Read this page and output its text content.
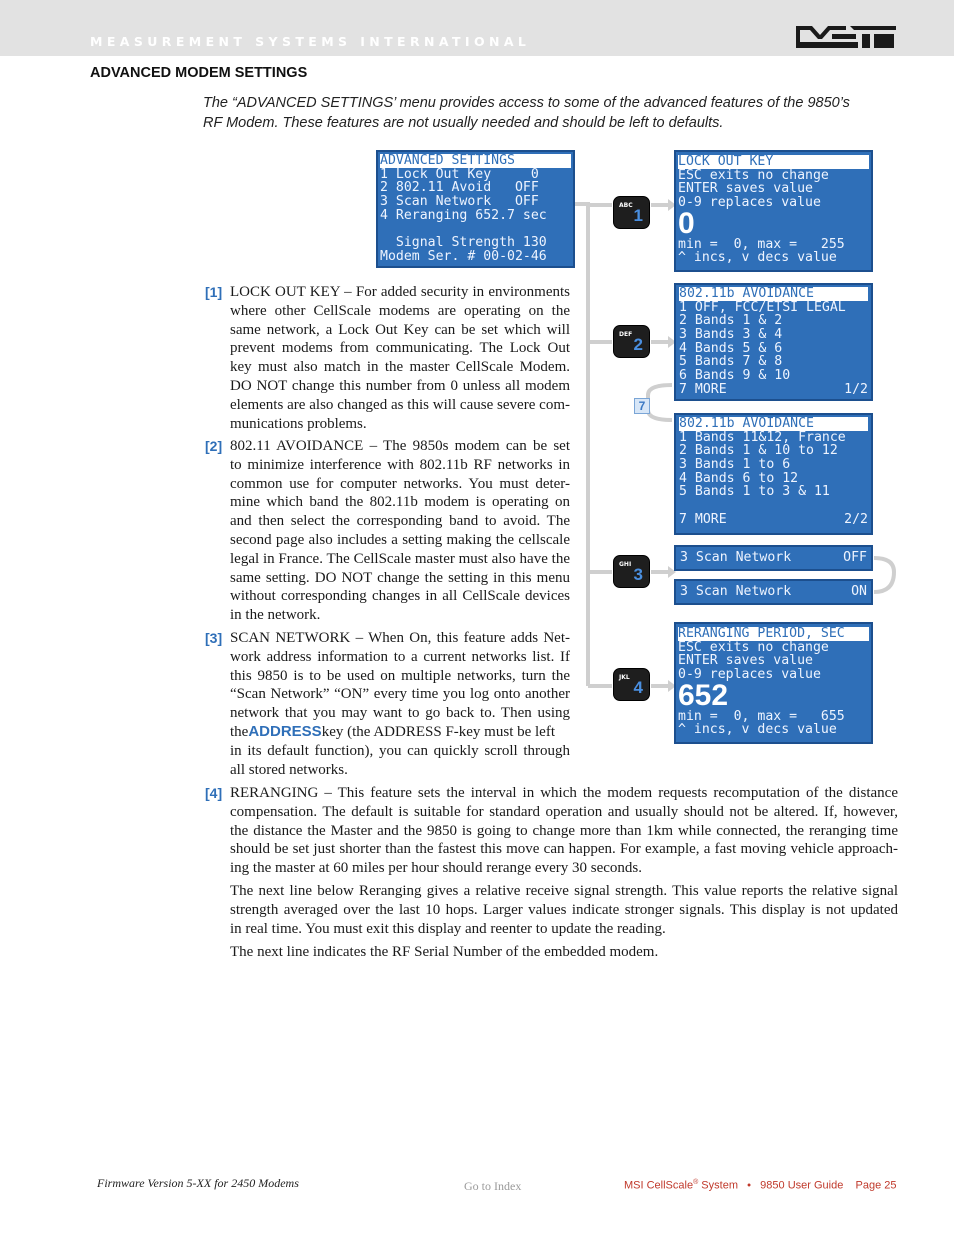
MEASUREMENT SYSTEMS INTERNATIONAL
ADVANCED MODEM SETTINGS
The “ADVANCED SETTINGS’ menu provides access to some of the advanced features of the 9850’s
RF Modem. These features are not usually needed and should be left to defaults.
ADVANCED SETTINGS
1 Lock Out Key     0
2 802.11 Avoid   OFF
3 Scan Network   OFF
4 Reranging 652.7 sec
Signal Strength 130
Modem Ser. # 00-02-46
LOCK OUT KEY
ESC exits no change
ENTER saves value
0-9 replaces value
0
min =  0, max =   255
^ incs, v decs value
802.11b AVOIDANCE
1 OFF, FCC/ETSI LEGAL
2 Bands 1 & 2
3 Bands 3 & 4
4 Bands 5 & 6
5 Bands 7 & 8
6 Bands 9 & 10
7 MORE	1/2
7
802.11b AVOIDANCE
1 Bands 11&12, France
2 Bands 1 & 10 to 12
3 Bands 1 to 6
4 Bands 6 to 12
5 Bands 1 to 3 & 11
7 MORE	2/2
3 Scan Network	OFF
3 Scan Network	ON
RERANGING PERIOD, SEC
ESC exits no change
ENTER saves value
0-9 replaces value
652
min =  0, max =   655
^ incs, v decs value
ABC
1
DEF
2
GHI
3
JKL
4
[1] LOCK OUT KEY – For added security in environments
where other CellScale modems are operating on the
same network, a Lock Out Key can be set which will
prevent modems from communicating. The Lock Out
key must also match in the master CellScale Modem.
DO NOT change this number from 0 unless all modem
elements are also changed as this will cause severe com-
munications problems.
[2] 802.11 AVOIDANCE – The 9850s modem can be set
to minimize interference with 802.11b RF networks in
common use for computer networks. You must deter-
mine which band the 802.11b modem is operating on
and then select the corresponding band to avoid. The
second page also includes a setting making the cellscale
legal in France. The CellScale master must also have the
same setting. DO NOT change the setting in this menu
without corresponding changes in all CellScale devices
in the network.
[3] SCAN NETWORK – When On, this feature adds Net-
work address information to a current networks list. If
this 9850 is to be used on multiple networks, turn the
“Scan Network” “ON” every time you log onto another
network that you may want to go back to. Then using
the ADDRESS key (the ADDRESS F-key must be left
in its default function), you can quickly scroll through
all stored networks.
[4] RERANGING – This feature sets the interval in which the modem requests recomputation of the distance
compensation. The default is suitable for standard operation and usually should not be altered. If, however,
the distance the Master and the 9850 is going to change more than 1km while connected, the reranging time
should be set just shorter than the fastest this move can happen. For example, a fast moving vehicle approach-
ing the master at 60 miles per hour should rerange every 30 seconds.
The next line below Reranging gives a relative receive signal strength. This value reports the relative signal
strength averaged over the last 10 hops. Larger values indicate stronger signals. This display is not updated
in real time. You must exit this display and reenter to update the reading.
The next line indicates the RF Serial Number of the embedded modem.
Firmware Version 5-XX for 2450 Modems	Go to Index	MSI CellScale® System   •   9850 User Guide    Page 25
